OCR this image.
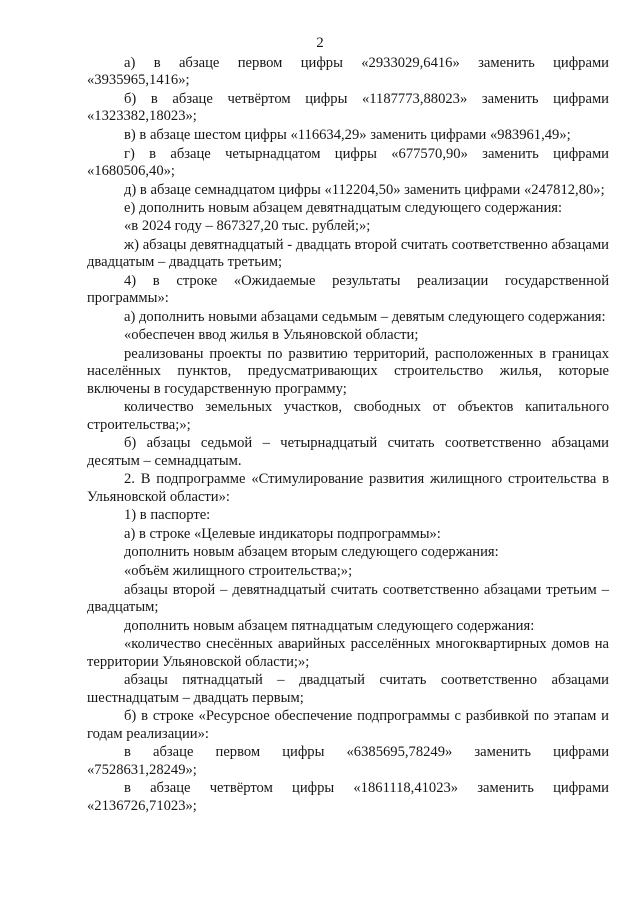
2

а) в абзаце первом цифры «2933029,6416» заменить цифрами «3935965,1416»;

б) в абзаце четвёртом цифры «1187773,88023» заменить цифрами «1323382,18023»;

в) в абзаце шестом цифры «116634,29» заменить цифрами «983961,49»;

г) в абзаце четырнадцатом цифры «677570,90» заменить цифрами «1680506,40»;

д) в абзаце семнадцатом цифры «112204,50» заменить цифрами «247812,80»;

е) дополнить новым абзацем девятнадцатым следующего содержания:

«в 2024 году – 867327,20 тыс. рублей;»;

ж) абзацы девятнадцатый - двадцать второй считать соответственно абзацами двадцатым – двадцать третьим;

4) в строке «Ожидаемые результаты реализации государственной программы»:

а) дополнить новыми абзацами седьмым – девятым следующего содержания:

«обеспечен ввод жилья в Ульяновской области;

реализованы проекты по развитию территорий, расположенных в границах населённых пунктов, предусматривающих строительство жилья, которые включены в государственную программу;

количество земельных участков, свободных от объектов капитального строительства;»;

б) абзацы седьмой – четырнадцатый считать соответственно абзацами десятым – семнадцатым.

2. В подпрограмме «Стимулирование развития жилищного строительства в Ульяновской области»:

1) в паспорте:

а) в строке «Целевые индикаторы подпрограммы»:

дополнить новым абзацем вторым следующего содержания:

«объём жилищного строительства;»;

абзацы второй – девятнадцатый считать соответственно абзацами третьим – двадцатым;

дополнить новым абзацем пятнадцатым следующего содержания:

«количество снесённых аварийных расселённых многоквартирных домов на территории Ульяновской области;»;

абзацы пятнадцатый – двадцатый считать соответственно абзацами шестнадцатым – двадцать первым;

б) в строке «Ресурсное обеспечение подпрограммы с разбивкой по этапам и годам реализации»:

в абзаце первом цифры «6385695,78249» заменить цифрами «7528631,28249»;

в абзаце четвёртом цифры «1861118,41023» заменить цифрами «2136726,71023»;
